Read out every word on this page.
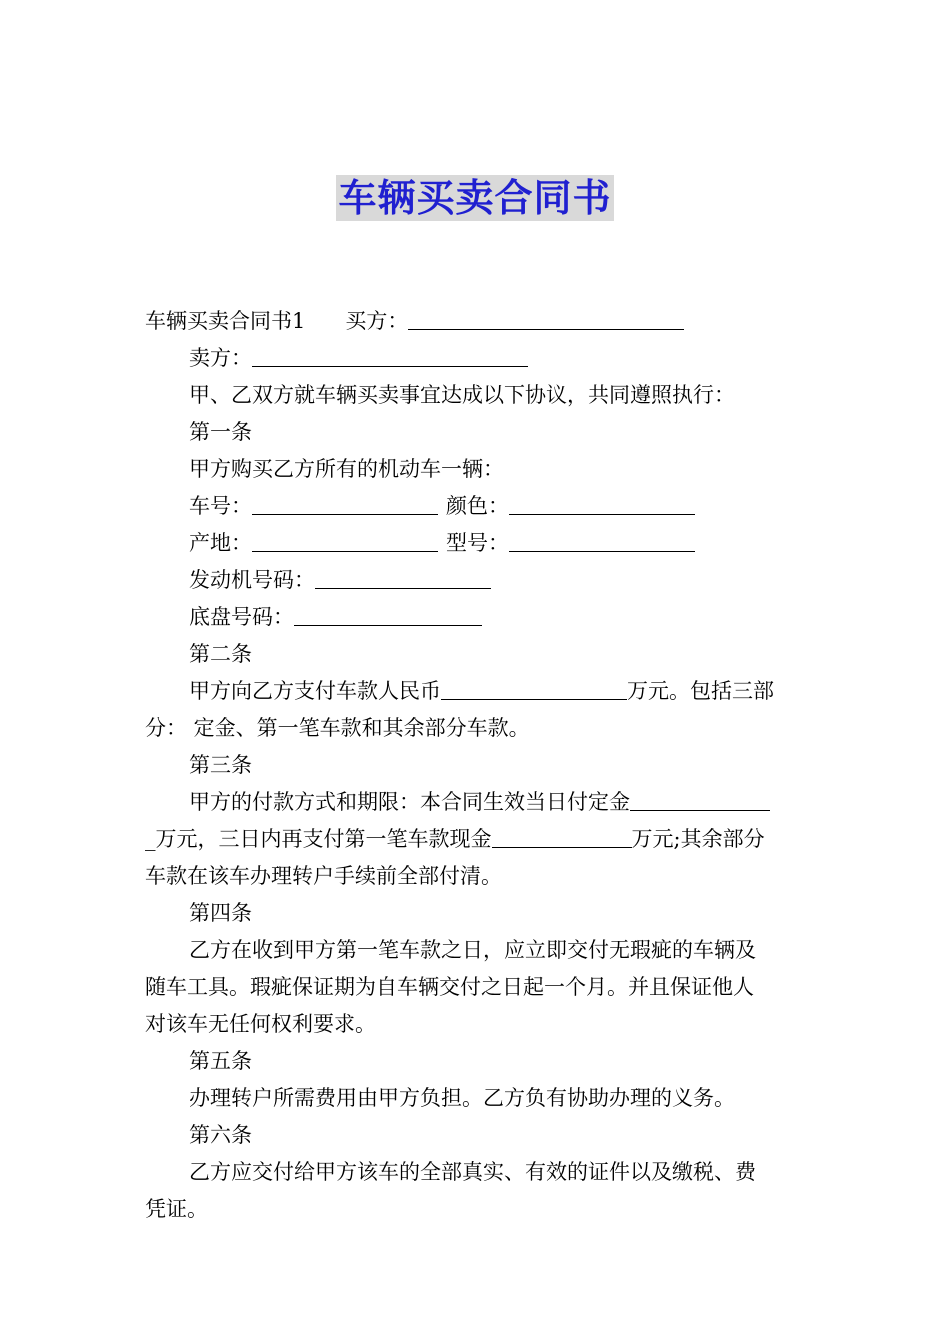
车辆买卖合同书
车辆买卖合同书1 买方：
卖方：
甲、乙双方就车辆买卖事宜达成以下协议，共同遵照执行：
第一条
甲方购买乙方所有的机动车一辆：
车号：	颜色：
产地：	型号：
发动机号码：
底盘号码：
第二条
甲方向乙方支付车款人民币	万元。包括三部
分： 定金、第一笔车款和其余部分车款。
第三条
甲方的付款方式和期限：本合同生效当日付定金
_万元，三日内再支付第一笔车款现金	万元;其余部分
车款在该车办理转户手续前全部付清。
第四条
乙方在收到甲方第一笔车款之日，应立即交付无瑕疵的车辆及
随车工具。瑕疵保证期为自车辆交付之日起一个月。并且保证他人
对该车无任何权利要求。
第五条
办理转户所需费用由甲方负担。乙方负有协助办理的义务。
第六条
乙方应交付给甲方该车的全部真实、有效的证件以及缴税、费
凭证。
